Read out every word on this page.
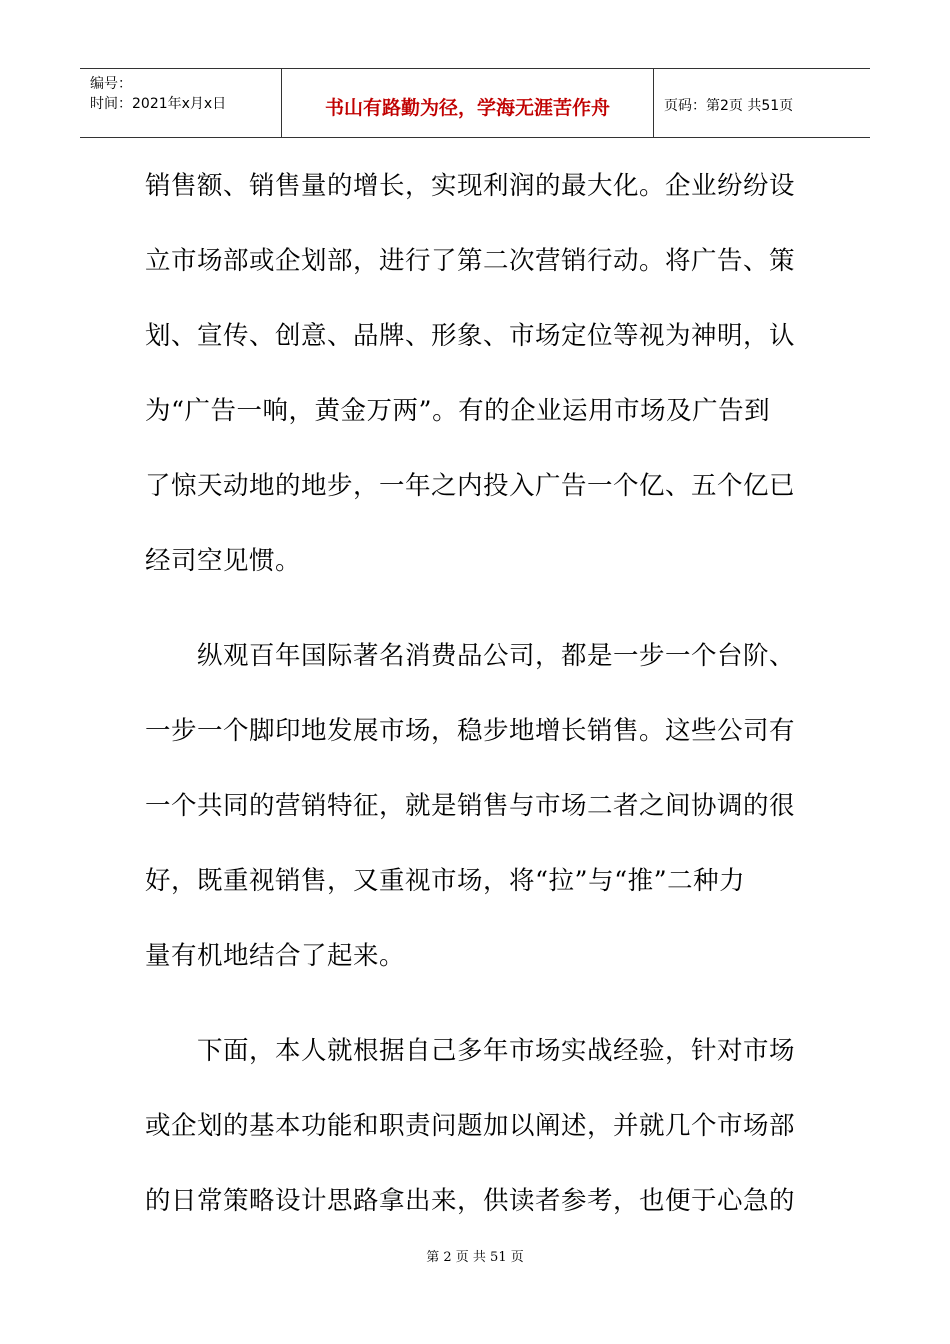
编号：
时间：2021年x月x日	书山有路勤为径，学海无涯苦作舟	页码：第2页 共51页
销售额、销售量的增长，实现利润的最大化。企业纷纷设
立市场部或企划部，进行了第二次营销行动。将广告、策
划、宣传、创意、品牌、形象、市场定位等视为神明，认
为“广告一响，黄金万两”。有的企业运用市场及广告到
了惊天动地的地步，一年之内投入广告一个亿、五个亿已
经司空见惯。
　　纵观百年国际著名消费品公司，都是一步一个台阶、
一步一个脚印地发展市场，稳步地增长销售。这些公司有
一个共同的营销特征，就是销售与市场二者之间协调的很
好，既重视销售，又重视市场，将“拉”与“推”二种力
量有机地结合了起来。
　　下面，本人就根据自己多年市场实战经验，针对市场
或企划的基本功能和职责问题加以阐述，并就几个市场部
的日常策略设计思路拿出来，供读者参考，也便于心急的
第 2 页 共 51 页
